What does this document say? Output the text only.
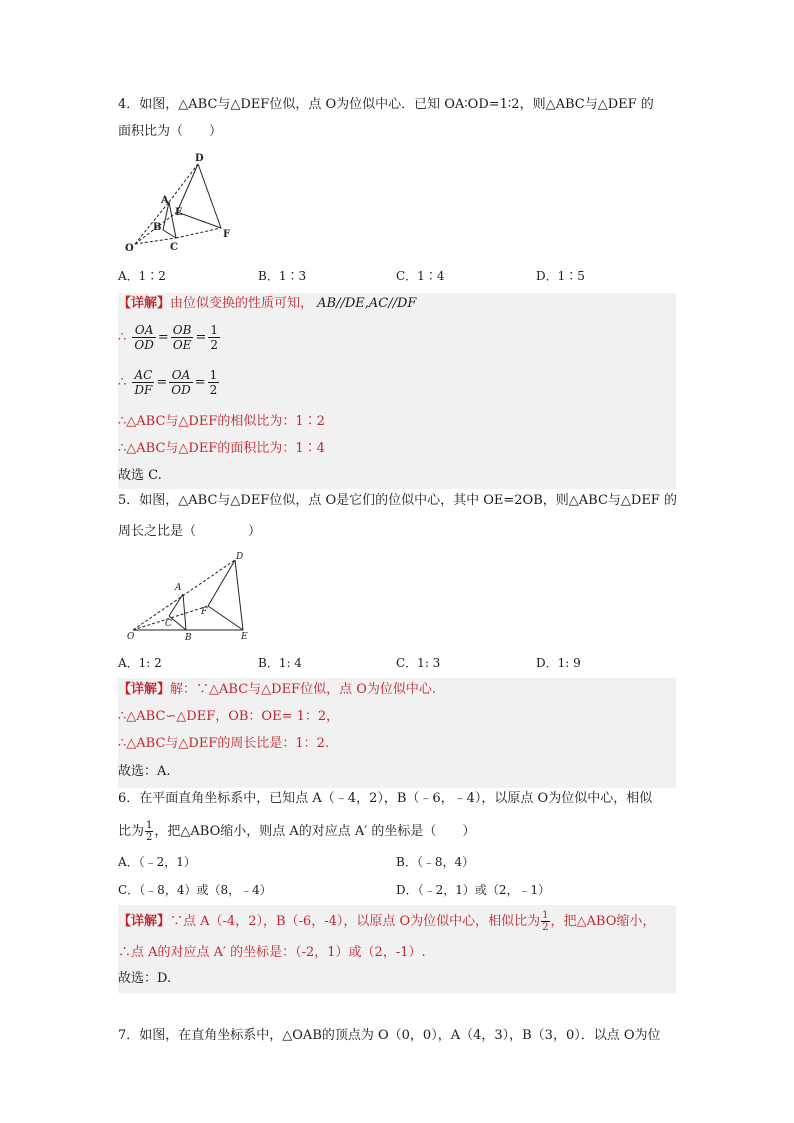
4．如图，△ABC与△DEF位似，点 O为位似中心．已知 OA∶OD=1∶2，则△ABC与△DEF 的
面积比为（　　）
D
A
E
B
C
O
F
A．1∶2	B．1∶3	C．1∶4	D．1∶5
【详解】由位似变换的性质可知， AB//DE,AC//DF
∴ $\frac{OA}{OD} = \frac{OB}{OE} = \frac{1}{2}$
∴ $\frac{AC}{DF} = \frac{OA}{OD} = \frac{1}{2}$
∴△ABC与△DEF的相似比为：1∶2
∴△ABC与△DEF的面积比为：1∶4
故选 C.
5．如图，△ABC与△DEF位似，点 O是它们的位似中心，其中 OE=2OB，则△ABC与△DEF 的
周长之比是（　　　　）
D
A
F
C
O	B	E
A．1: 2	B．1: 4	C．1: 3	D．1: 9
【详解】解：∵△ABC与△DEF位似，点 O为位似中心.
∴△ABC∽△DEF，OB：OE= 1：2，
∴△ABC与△DEF的周长比是：1：2.
故选：A.
6．在平面直角坐标系中，已知点 A（﹣4，2），B（﹣6，﹣4），以原点 O为位似中心，相似
比为 $\frac{1}{2}$ ，把△ABO缩小，则点 A的对应点 A′ 的坐标是（　　）
A．（﹣2，1）	B．（﹣8，4）
C．（﹣8，4）或（8，﹣4）	D．（﹣2，1）或（2，﹣1）
【详解】∵点 A（-4，2），B（-6，-4），以原点 O为位似中心，相似比为 $\frac{1}{2}$ ，把△ABO缩小，
∴点 A的对应点 A′ 的坐标是：（-2，1）或（2，-1）.
故选：D.
7．如图，在直角坐标系中，△OAB的顶点为 O（0，0），A（4，3），B（3，0）．以点 O为位
